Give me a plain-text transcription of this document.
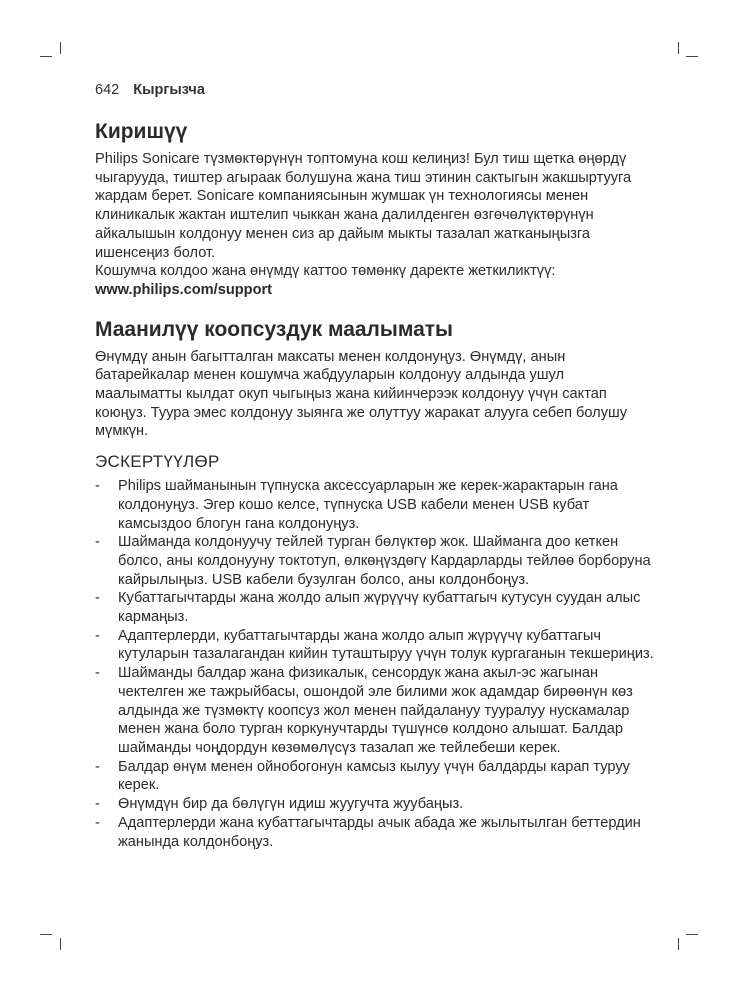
642 Кыргызча
Киришүү

Philips Sonicare түзмөктөрүнүн топтомуна кош келиңиз! Бул тиш щетка өңөрдү чыгарууда, тиштер агыраак болушуна жана тиш этинин сактыгын жакшыртууга жардам берет. Sonicare компаниясынын жумшак үн технологиясы менен клиникалык жактан иштелип чыккан жана далилденген өзгөчөлүктөрүнүн айкалышын колдонуу менен сиз ар дайым мыкты тазалап жатканыңызга ишенсеңиз болот.

Кошумча колдоо жана өнүмдү каттоо төмөнкү даректе жеткиликтүү:

www.philips.com/support

Маанилүү коопсуздук маалыматы

Өнүмдү анын багытталган максаты менен колдонуңуз. Өнүмдү, анын батарейкалар менен кошумча жабдууларын колдонуу алдында ушул маалыматты кылдат окуп чыгыңыз жана кийинчерээк колдонуу үчүн сактап коюңуз. Туура эмес колдонуу зыянга же олуттуу жаракат алууга себеп болушу мүмкүн.

ЭСКЕРТҮҮЛӨР
- Philips шайманынын түпнуска аксессуарларын же керек-жарактарын гана колдонуңуз. Эгер кошо келсе, түпнуска USB кабели менен USB кубат камсыздоо блогун гана колдонуңуз.
- Шайманда колдонуучу тейлей турган бөлүктөр жок. Шайманга доо кеткен болсо, аны колдонууну токтотуп, өлкөңүздөгү Кардарларды тейлөө борборуна кайрылыңыз. USB кабели бузулган болсо, аны колдонбоңуз.
- Кубаттагычтарды жана жолдо алып жүрүүчү кубаттагыч кутусун суудан алыс кармаңыз.
- Адаптерлерди, кубаттагычтарды жана жолдо алып жүрүүчү кубаттагыч кутуларын тазалагандан кийин туташтыруу үчүн толук кургаганын текшериңиз.
- Шайманды балдар жана физикалык, сенсордук жана акыл-эс жагынан чектелген же тажрыйбасы, ошондой эле билими жок адамдар бирөөнүн көз алдында же түзмөктү коопсуз жол менен пайдалануу тууралуу нускамалар менен жана боло турган коркунучтарды түшүнсө колдоно алышат. Балдар шайманды чоңдордун көзөмөлүсүз тазалап же тейлебеши керек.
- Балдар өнүм менен ойнобогонун камсыз кылуу үчүн балдарды карап туруу керек.
- Өнүмдүн бир да бөлүгүн идиш жуугучта жуубаңыз.
- Адаптерлерди жана кубаттагычтарды ачык абада же жылытылган беттердин жанында колдонбоңуз.
